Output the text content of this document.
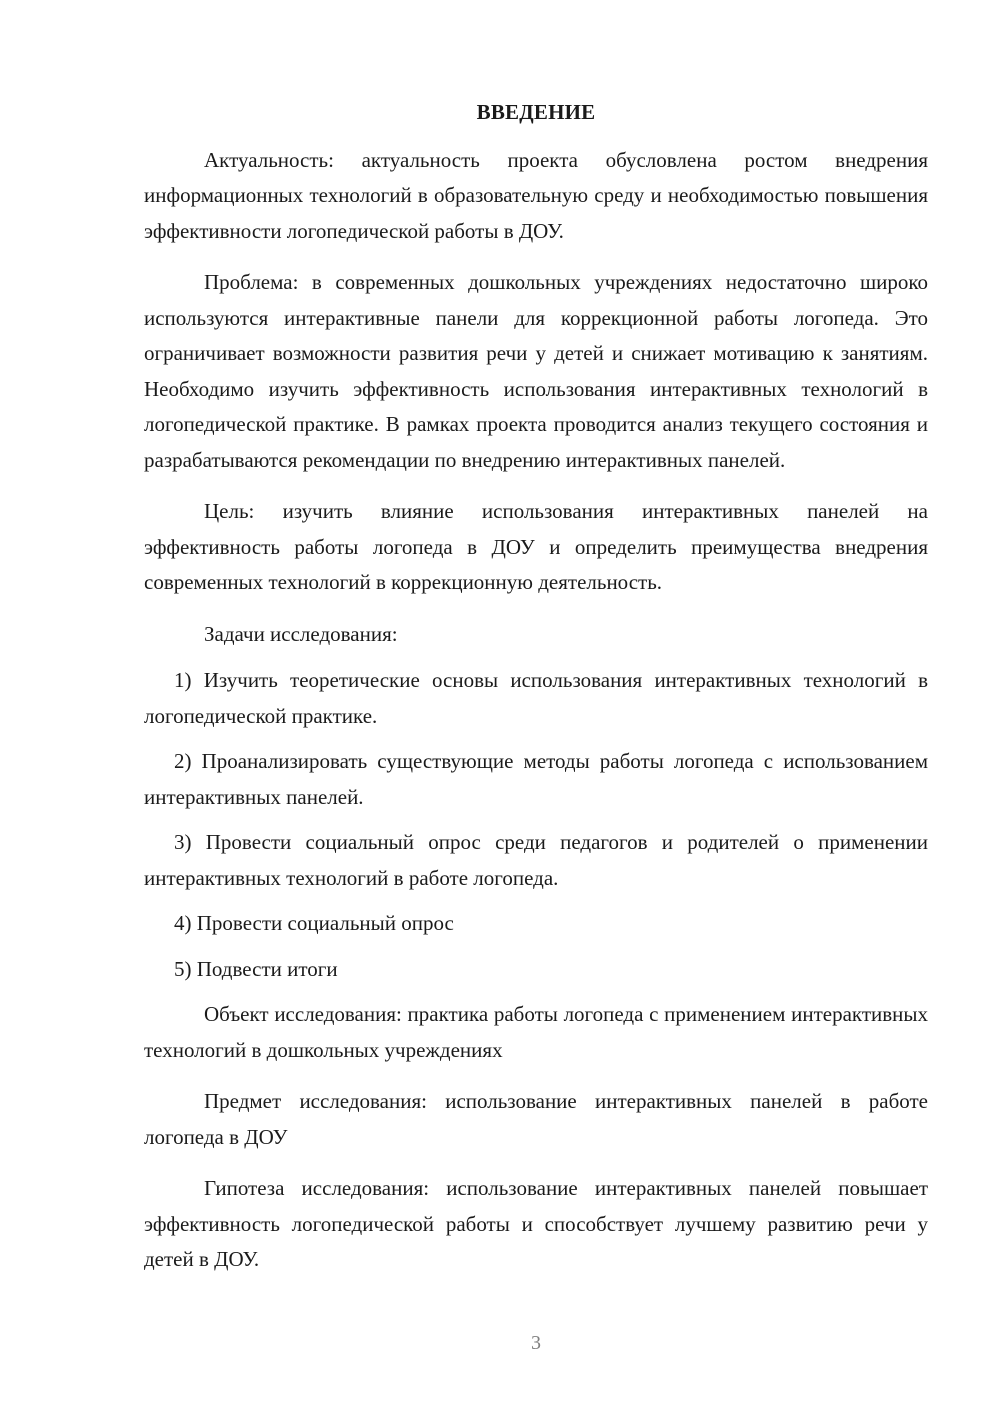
ВВЕДЕНИЕ

Актуальность: актуальность проекта обусловлена ростом внедрения информационных технологий в образовательную среду и необходимостью повышения эффективности логопедической работы в ДОУ.

Проблема: в современных дошкольных учреждениях недостаточно широко используются интерактивные панели для коррекционной работы логопеда. Это ограничивает возможности развития речи у детей и снижает мотивацию к занятиям. Необходимо изучить эффективность использования интерактивных технологий в логопедической практике. В рамках проекта проводится анализ текущего состояния и разрабатываются рекомендации по внедрению интерактивных панелей.

Цель: изучить влияние использования интерактивных панелей на эффективность работы логопеда в ДОУ и определить преимущества внедрения современных технологий в коррекционную деятельность.

Задачи исследования:

1) Изучить теоретические основы использования интерактивных технологий в логопедической практике.

2) Проанализировать существующие методы работы логопеда с использованием интерактивных панелей.

3) Провести социальный опрос среди педагогов и родителей о применении интерактивных технологий в работе логопеда.

4) Провести социальный опрос

5) Подвести итоги

Объект исследования: практика работы логопеда с применением интерактивных технологий в дошкольных учреждениях

Предмет исследования: использование интерактивных панелей в работе логопеда в ДОУ

Гипотеза исследования: использование интерактивных панелей повышает эффективность логопедической работы и способствует лучшему развитию речи у детей в ДОУ.

3
